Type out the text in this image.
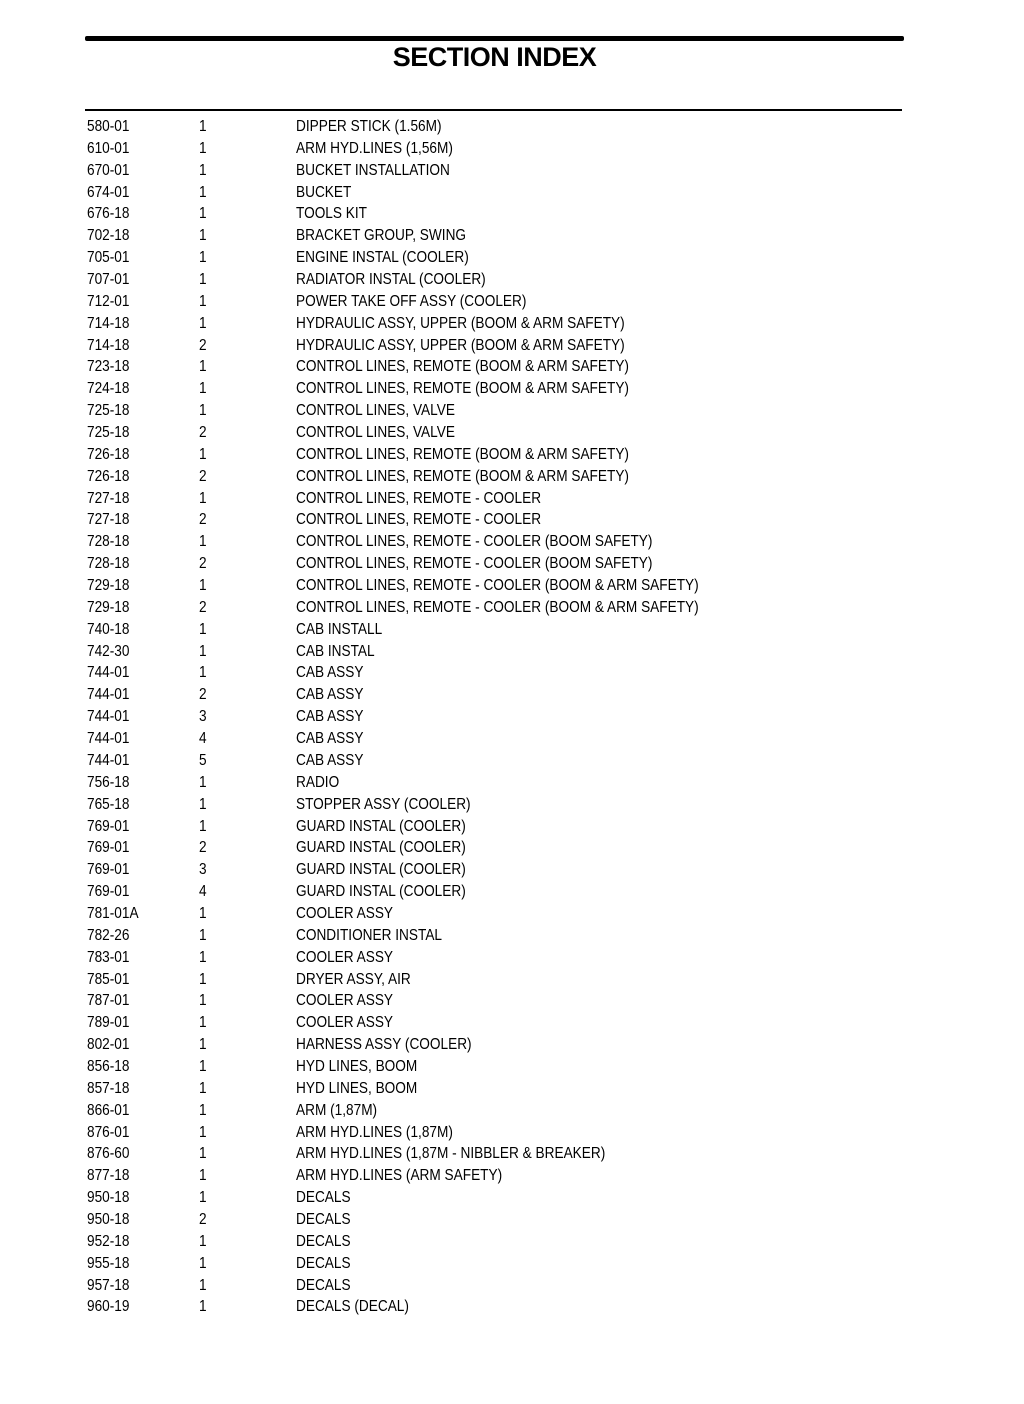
SECTION INDEX
580-01	1	DIPPER STICK (1.56M)
610-01	1	ARM HYD.LINES (1,56M)
670-01	1	BUCKET INSTALLATION
674-01	1	BUCKET
676-18	1	TOOLS KIT
702-18	1	BRACKET GROUP, SWING
705-01	1	ENGINE INSTAL (COOLER)
707-01	1	RADIATOR INSTAL (COOLER)
712-01	1	POWER TAKE OFF ASSY (COOLER)
714-18	1	HYDRAULIC ASSY, UPPER (BOOM & ARM SAFETY)
714-18	2	HYDRAULIC ASSY, UPPER (BOOM & ARM SAFETY)
723-18	1	CONTROL LINES, REMOTE (BOOM & ARM SAFETY)
724-18	1	CONTROL LINES, REMOTE (BOOM & ARM SAFETY)
725-18	1	CONTROL LINES, VALVE
725-18	2	CONTROL LINES, VALVE
726-18	1	CONTROL LINES, REMOTE (BOOM & ARM SAFETY)
726-18	2	CONTROL LINES, REMOTE (BOOM & ARM SAFETY)
727-18	1	CONTROL LINES, REMOTE - COOLER
727-18	2	CONTROL LINES, REMOTE - COOLER
728-18	1	CONTROL LINES, REMOTE - COOLER (BOOM SAFETY)
728-18	2	CONTROL LINES, REMOTE - COOLER (BOOM SAFETY)
729-18	1	CONTROL LINES, REMOTE - COOLER (BOOM & ARM SAFETY)
729-18	2	CONTROL LINES, REMOTE - COOLER (BOOM & ARM SAFETY)
740-18	1	CAB INSTALL
742-30	1	CAB INSTAL
744-01	1	CAB ASSY
744-01	2	CAB ASSY
744-01	3	CAB ASSY
744-01	4	CAB ASSY
744-01	5	CAB ASSY
756-18	1	RADIO
765-18	1	STOPPER ASSY (COOLER)
769-01	1	GUARD INSTAL (COOLER)
769-01	2	GUARD INSTAL (COOLER)
769-01	3	GUARD INSTAL (COOLER)
769-01	4	GUARD INSTAL (COOLER)
781-01A	1	COOLER ASSY
782-26	1	CONDITIONER INSTAL
783-01	1	COOLER ASSY
785-01	1	DRYER ASSY, AIR
787-01	1	COOLER ASSY
789-01	1	COOLER ASSY
802-01	1	HARNESS ASSY (COOLER)
856-18	1	HYD LINES, BOOM
857-18	1	HYD LINES, BOOM
866-01	1	ARM (1,87M)
876-01	1	ARM HYD.LINES (1,87M)
876-60	1	ARM HYD.LINES (1,87M - NIBBLER & BREAKER)
877-18	1	ARM HYD.LINES (ARM SAFETY)
950-18	1	DECALS
950-18	2	DECALS
952-18	1	DECALS
955-18	1	DECALS
957-18	1	DECALS
960-19	1	DECALS (DECAL)
